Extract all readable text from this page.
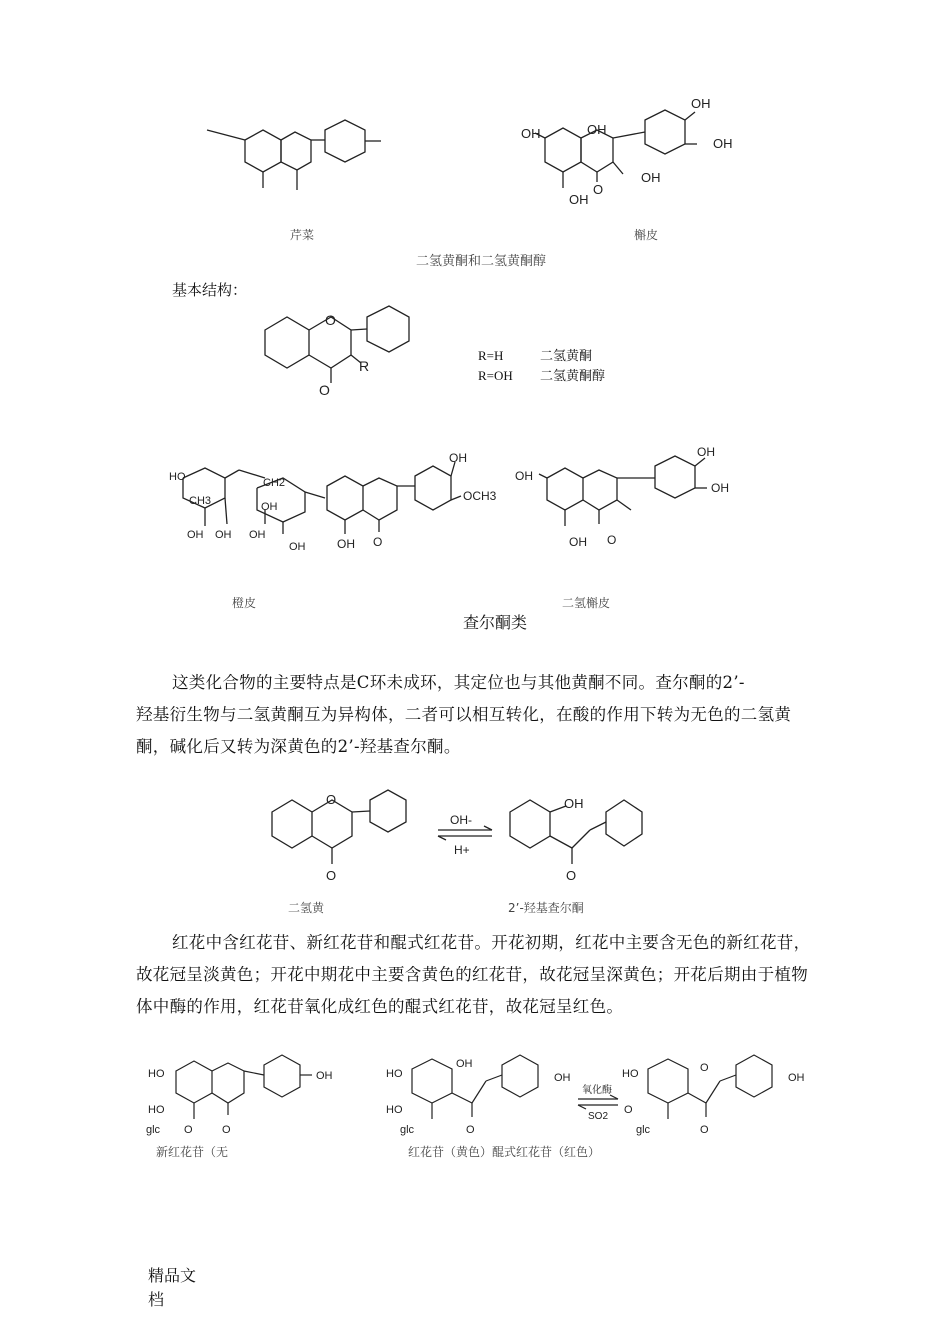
OH
OH
OH
OH
OH
O
OH
芹菜	槲皮
二氢黄酮和二氢黄酮醇
基本结构：
O
O
R
R=H	二氢黄酮
R=OH 二氢黄酮醇
HO
CH3
CH2
OH OH
OH
OH
OH
OH
OCH3
OH O
OH
OH
OH
OH O
橙皮	二氢槲皮
查尔酮类
这类化合物的主要特点是C环未成环，其定位也与其他黄酮不同。查尔酮的2’-
羟基衍生物与二氢黄酮互为异构体，二者可以相互转化，在酸的作用下转为无色的二氢黄
酮，碱化后又转为深黄色的2’-羟基查尔酮。
OH-
H+
O
O
OH
O
二氢黄	2’-羟基查尔酮
红花中含红花苷、新红花苷和醌式红花苷。开花初期，红花中主要含无色的新红花苷，
故花冠呈淡黄色；开花中期花中主要含黄色的红花苷，故花冠呈深黄色；开花后期由于植物
体中酶的作用，红花苷氧化成红色的醌式红花苷，故花冠呈红色。
HO
HO
O
O
OH
glc
HO
HO
OH
OH
O
glc
HO
O
O
OH
O
glc
氧化酶
SO2
新红花苷（无	红花苷（黄色）醌式红花苷（红色）
精品文
档
